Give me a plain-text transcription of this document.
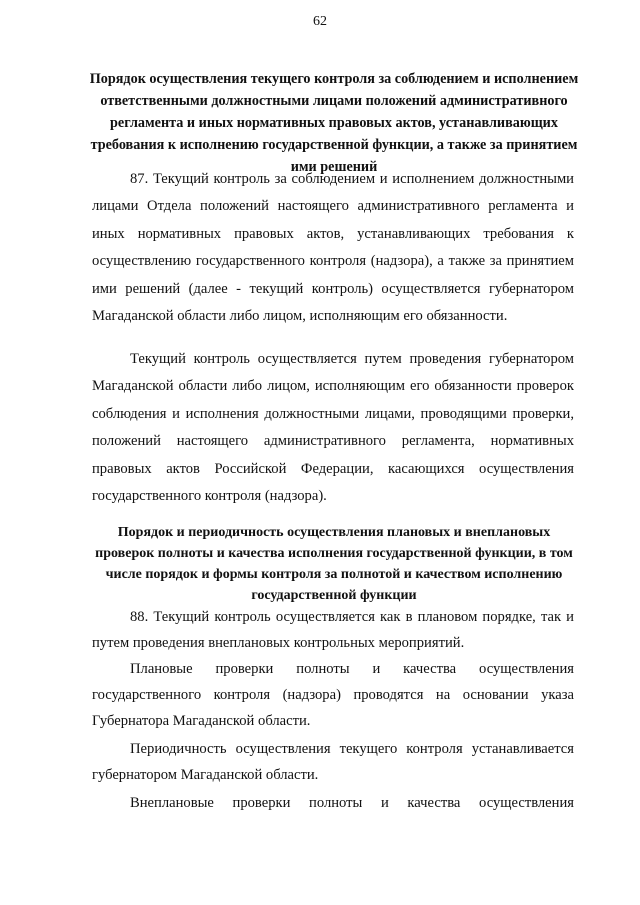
62
Порядок осуществления текущего контроля за соблюдением и исполнением ответственными должностными лицами положений административного регламента и иных нормативных правовых актов, устанавливающих требования к исполнению государственной функции, а также за принятием ими решений

87. Текущий контроль за соблюдением и исполнением должностными лицами Отдела положений настоящего административного регламента и иных нормативных правовых актов, устанавливающих требования к осуществлению государственного контроля (надзора), а также за принятием ими решений (далее - текущий контроль) осуществляется губернатором Магаданской области либо лицом, исполняющим его обязанности.

Текущий контроль осуществляется путем проведения губернатором Магаданской области либо лицом, исполняющим его обязанности проверок соблюдения и исполнения должностными лицами, проводящими проверки, положений настоящего административного регламента, нормативных правовых актов Российской Федерации, касающихся осуществления государственного контроля (надзора).

Порядок и периодичность осуществления плановых и внеплановых проверок полноты и качества исполнения государственной функции, в том числе порядок и формы контроля за полнотой и качеством исполнению государственной функции

88. Текущий контроль осуществляется как в плановом порядке, так и путем проведения внеплановых контрольных мероприятий.

Плановые проверки полноты и качества осуществления государственного контроля (надзора) проводятся на основании указа Губернатора Магаданской области.

Периодичность осуществления текущего контроля устанавливается губернатором Магаданской области.

Внеплановые проверки полноты и качества осуществления
